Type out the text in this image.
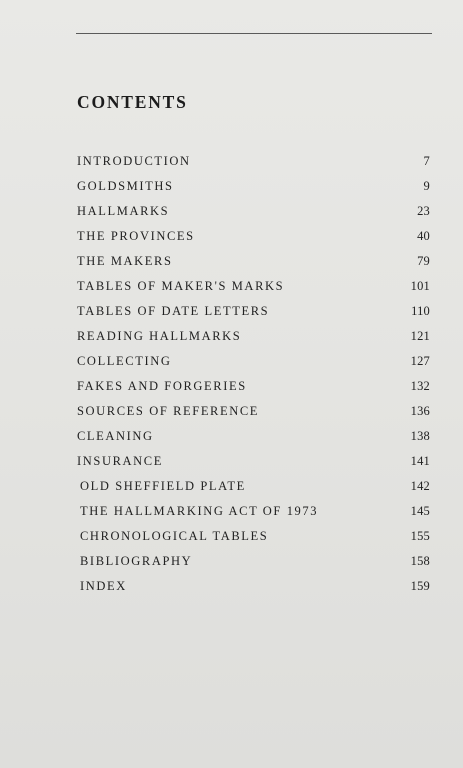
CONTENTS
INTRODUCTION	7
GOLDSMITHS	9
HALLMARKS	23
THE PROVINCES	40
THE MAKERS	79
TABLES OF MAKER'S MARKS	101
TABLES OF DATE LETTERS	110
READING HALLMARKS	121
COLLECTING	127
FAKES AND FORGERIES	132
SOURCES OF REFERENCE	136
CLEANING	138
INSURANCE	141
OLD SHEFFIELD PLATE	142
THE HALLMARKING ACT OF 1973	145
CHRONOLOGICAL TABLES	155
BIBLIOGRAPHY	158
INDEX	159
